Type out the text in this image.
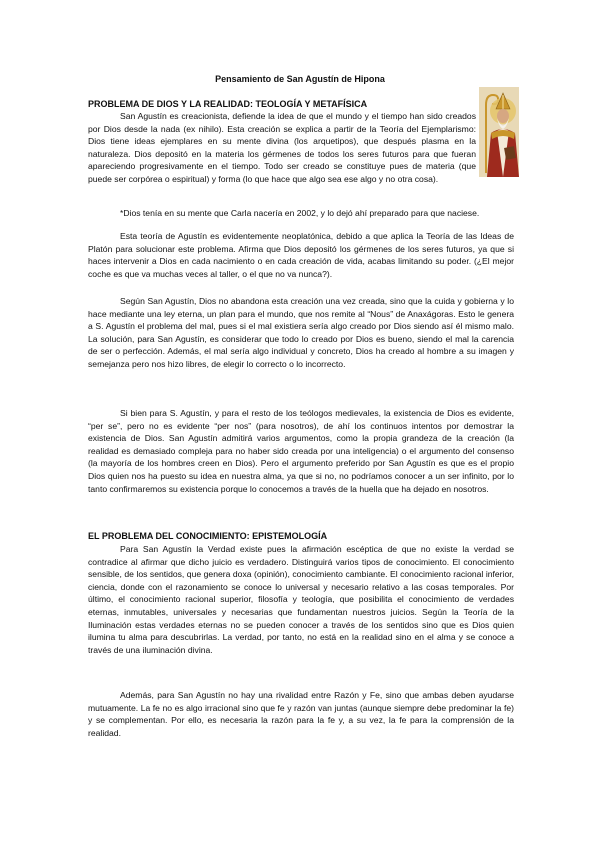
Pensamiento de San Agustín de Hipona
PROBLEMA DE DIOS Y LA REALIDAD: TEOLOGÍA Y METAFÍSICA

San Agustín es creacionista, defiende la idea de que el mundo y el tiempo han sido creados por Dios desde la nada (ex nihilo). Esta creación se explica a partir de la Teoría del Ejemplarismo: Dios tiene ideas ejemplares en su mente divina (los arquetipos), que después plasma en la naturaleza. Dios depositó en la materia los gérmenes de todos los seres futuros para que fueran apareciendo progresivamente en el tiempo. Todo ser creado se constituye pues de materia (que puede ser corpórea o espiritual) y forma (lo que hace que algo sea ese algo y no otra cosa).

*Dios tenía en su mente que Carla nacería en 2002, y lo dejó ahí preparado para que naciese.

Esta teoría de Agustín es evidentemente neoplatónica, debido a que aplica la Teoría de las Ideas de Platón para solucionar este problema. Afirma que Dios depositó los gérmenes de los seres futuros, ya que si haces intervenir a Dios en cada nacimiento o en cada creación de vida, acabas limitando su poder. (¿El mejor coche es que va muchas veces al taller, o el que no va nunca?).

Según San Agustín, Dios no abandona esta creación una vez creada, sino que la cuida y gobierna y lo hace mediante una ley eterna, un plan para el mundo, que nos remite al “Nous” de Anaxágoras. Esto le genera a S. Agustín el problema del mal, pues si el mal existiera sería algo creado por Dios siendo así él mismo malo. La solución, para San Agustín, es considerar que todo lo creado por Dios es bueno, siendo el mal la carencia de ser o perfección. Además, el mal sería algo individual y concreto, Dios ha creado al hombre a su imagen y semejanza pero nos hizo libres, de elegir lo correcto o lo incorrecto.

Si bien para S. Agustín, y para el resto de los teólogos medievales, la existencia de Dios es evidente, “per se”, pero no es evidente “per nos” (para nosotros), de ahí los continuos intentos por demostrar la existencia de Dios. San Agustín admitirá varios argumentos, como la propia grandeza de la creación (la realidad es demasiado compleja para no haber sido creada por una inteligencia) o el argumento del consenso (la mayoría de los hombres creen en Dios). Pero el argumento preferido por San Agustín es que es el propio Dios quien nos ha puesto su idea en nuestra alma, ya que si no, no podríamos conocer a un ser infinito, por lo tanto confirmaremos su existencia porque lo conocemos a través de la huella que ha dejado en nosotros.

EL PROBLEMA DEL CONOCIMIENTO: EPISTEMOLOGÍA

Para San Agustín la Verdad existe pues la afirmación escéptica de que no existe la verdad se contradice al afirmar que dicho juicio es verdadero. Distinguirá varios tipos de conocimiento. El conocimiento sensible, de los sentidos, que genera doxa (opinión), conocimiento cambiante. El conocimiento racional inferior, ciencia, donde con el razonamiento se conoce lo universal y necesario relativo a las cosas temporales. Por último, el conocimiento racional superior, filosofía y teología, que posibilita el conocimiento de verdades eternas, inmutables, universales y necesarias que fundamentan nuestros juicios. Según la Teoría de la Iluminación estas verdades eternas no se pueden conocer a través de los sentidos sino que es Dios quien ilumina tu alma para descubrirlas. La verdad, por tanto, no está en la realidad sino en el alma y se conoce a través de una iluminación divina.

Además, para San Agustín no hay una rivalidad entre Razón y Fe, sino que ambas deben ayudarse mutuamente. La fe no es algo irracional sino que fe y razón van juntas (aunque siempre debe predominar la fe) y se complementan. Por ello, es necesaria la razón para la fe y, a su vez, la fe para la comprensión de la realidad.
